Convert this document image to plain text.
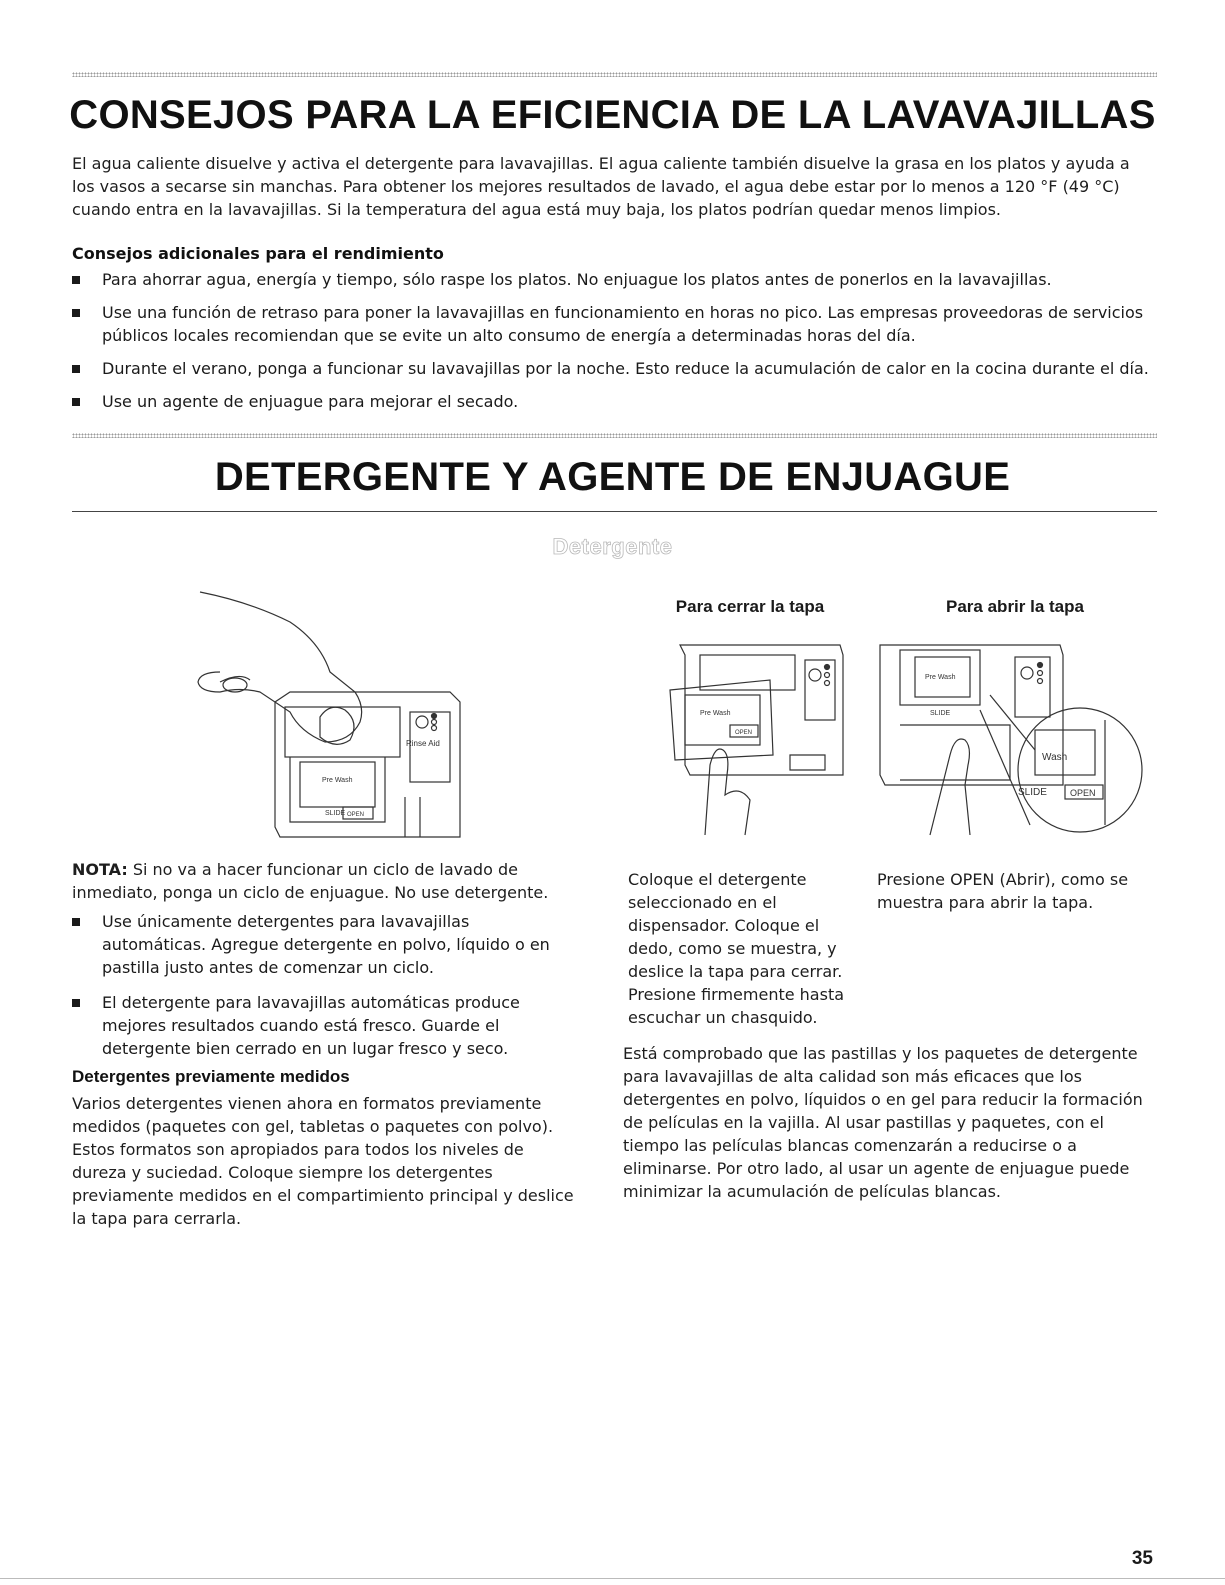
CONSEJOS PARA LA EFICIENCIA DE LA LAVAVAJILLAS

El agua caliente disuelve y activa el detergente para lavavajillas. El agua caliente también disuelve la grasa en los platos y ayuda a los vasos a secarse sin manchas. Para obtener los mejores resultados de lavado, el agua debe estar por lo menos a 120 °F (49 °C) cuando entra en la lavavajillas. Si la temperatura del agua está muy baja, los platos podrían quedar menos limpios.

Consejos adicionales para el rendimiento

Para ahorrar agua, energía y tiempo, sólo raspe los platos. No enjuague los platos antes de ponerlos en la lavavajillas.
Use una función de retraso para poner la lavavajillas en funcionamiento en horas no pico. Las empresas proveedoras de servicios públicos locales recomiendan que se evite un alto consumo de energía a determinadas horas del día.
Durante el verano, ponga a funcionar su lavavajillas por la noche. Esto reduce la acumulación de calor en la cocina durante el día.
Use un agente de enjuague para mejorar el secado.
DETERGENTE Y AGENTE DE ENJUAGUE
Detergente
Rinse Aid
Pre Wash
SLIDE OPEN
Para cerrar la tapa	Para abrir la tapa
Pre Wash
OPEN
Pre Wash
SLIDE
Wash
SLIDE	OPEN

NOTA: Si no va a hacer funcionar un ciclo de lavado de inmediato, ponga un ciclo de enjuague. No use detergente.

Use únicamente detergentes para lavavajillas automáticas. Agregue detergente en polvo, líquido o en pastilla justo antes de comenzar un ciclo.
El detergente para lavavajillas automáticas produce mejores resultados cuando está fresco. Guarde el detergente bien cerrado en un lugar fresco y seco.

Detergentes previamente medidos

Varios detergentes vienen ahora en formatos previamente medidos (paquetes con gel, tabletas o paquetes con polvo). Estos formatos son apropiados para todos los niveles de dureza y suciedad. Coloque siempre los detergentes previamente medidos en el compartimiento principal y deslice la tapa para cerrarla.

Coloque el detergente seleccionado en el dispensador. Coloque el dedo, como se muestra, y deslice la tapa para cerrar. Presione firmemente hasta escuchar un chasquido.

Presione OPEN (Abrir), como se muestra para abrir la tapa.

Está comprobado que las pastillas y los paquetes de detergente para lavavajillas de alta calidad son más eficaces que los detergentes en polvo, líquidos o en gel para reducir la formación de películas en la vajilla. Al usar pastillas y paquetes, con el tiempo las películas blancas comenzarán a reducirse o a eliminarse. Por otro lado, al usar un agente de enjuague puede minimizar la acumulación de películas blancas.

35
